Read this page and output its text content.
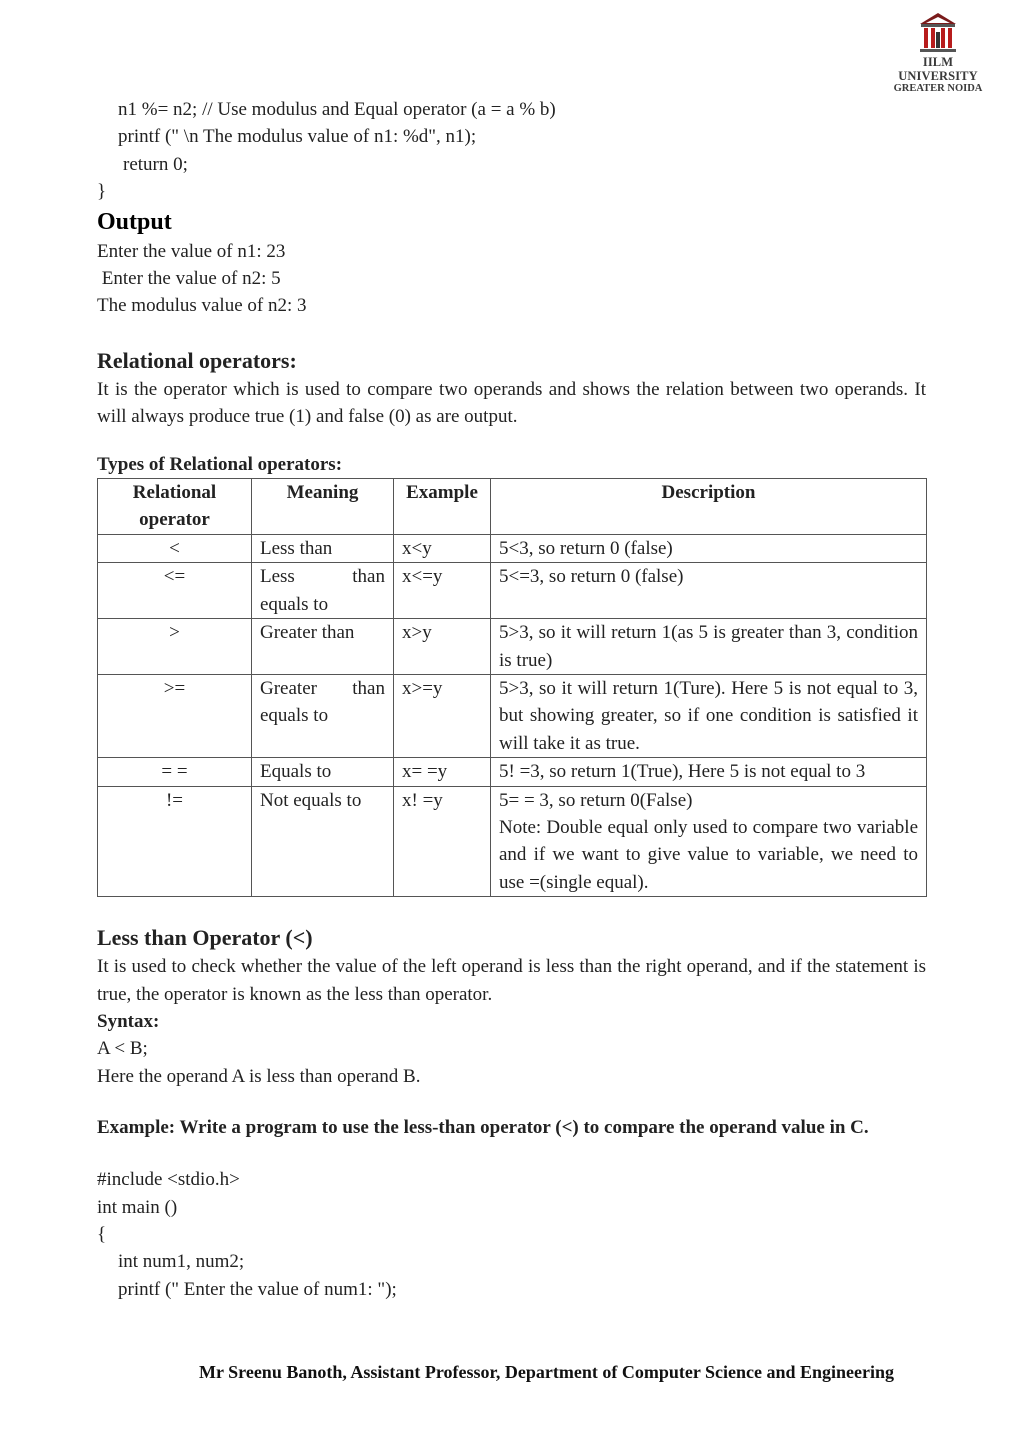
IILM UNIVERSITY
GREATER NOIDA

n1 %= n2; // Use modulus and Equal operator (a = a % b)

printf (" \n The modulus value of n1: %d", n1);

return 0;

}

Output

Enter the value of n1: 23

Enter the value of n2: 5

The modulus value of n2: 3

Relational operators:

It is the operator which is used to compare two operands and shows the relation between two operands. It will always produce true (1) and false (0) as are output.

Types of Relational operators:

Relational operator	Meaning	Example	Description
<	Less than	x<y	5<3, so return 0 (false)
<=	Less than equals to	x<=y	5<=3, so return 0 (false)
>	Greater than	x>y	5>3, so it will return 1(as 5 is greater than 3, condition is true)
>=	Greater than equals to	x>=y	5>3, so it will return 1(Ture). Here 5 is not equal to 3, but showing greater, so if one condition is satisfied it will take it as true.
= =	Equals to	x= =y	5! =3, so return 1(True), Here 5 is not equal to 3
!=	Not equals to	x! =y	5= = 3, so return 0(False)
Note: Double equal only used to compare two variable and if we want to give value to variable, we need to use =(single equal).
Less than Operator (<)

It is used to check whether the value of the left operand is less than the right operand, and if the statement is true, the operator is known as the less than operator.

Syntax:

A < B;

Here the operand A is less than operand B.

Example: Write a program to use the less-than operator (<) to compare the operand value in C.

#include <stdio.h>

int main ()

{

int num1, num2;

printf (" Enter the value of num1: ");

Mr Sreenu Banoth, Assistant Professor, Department of Computer Science and Engineering
